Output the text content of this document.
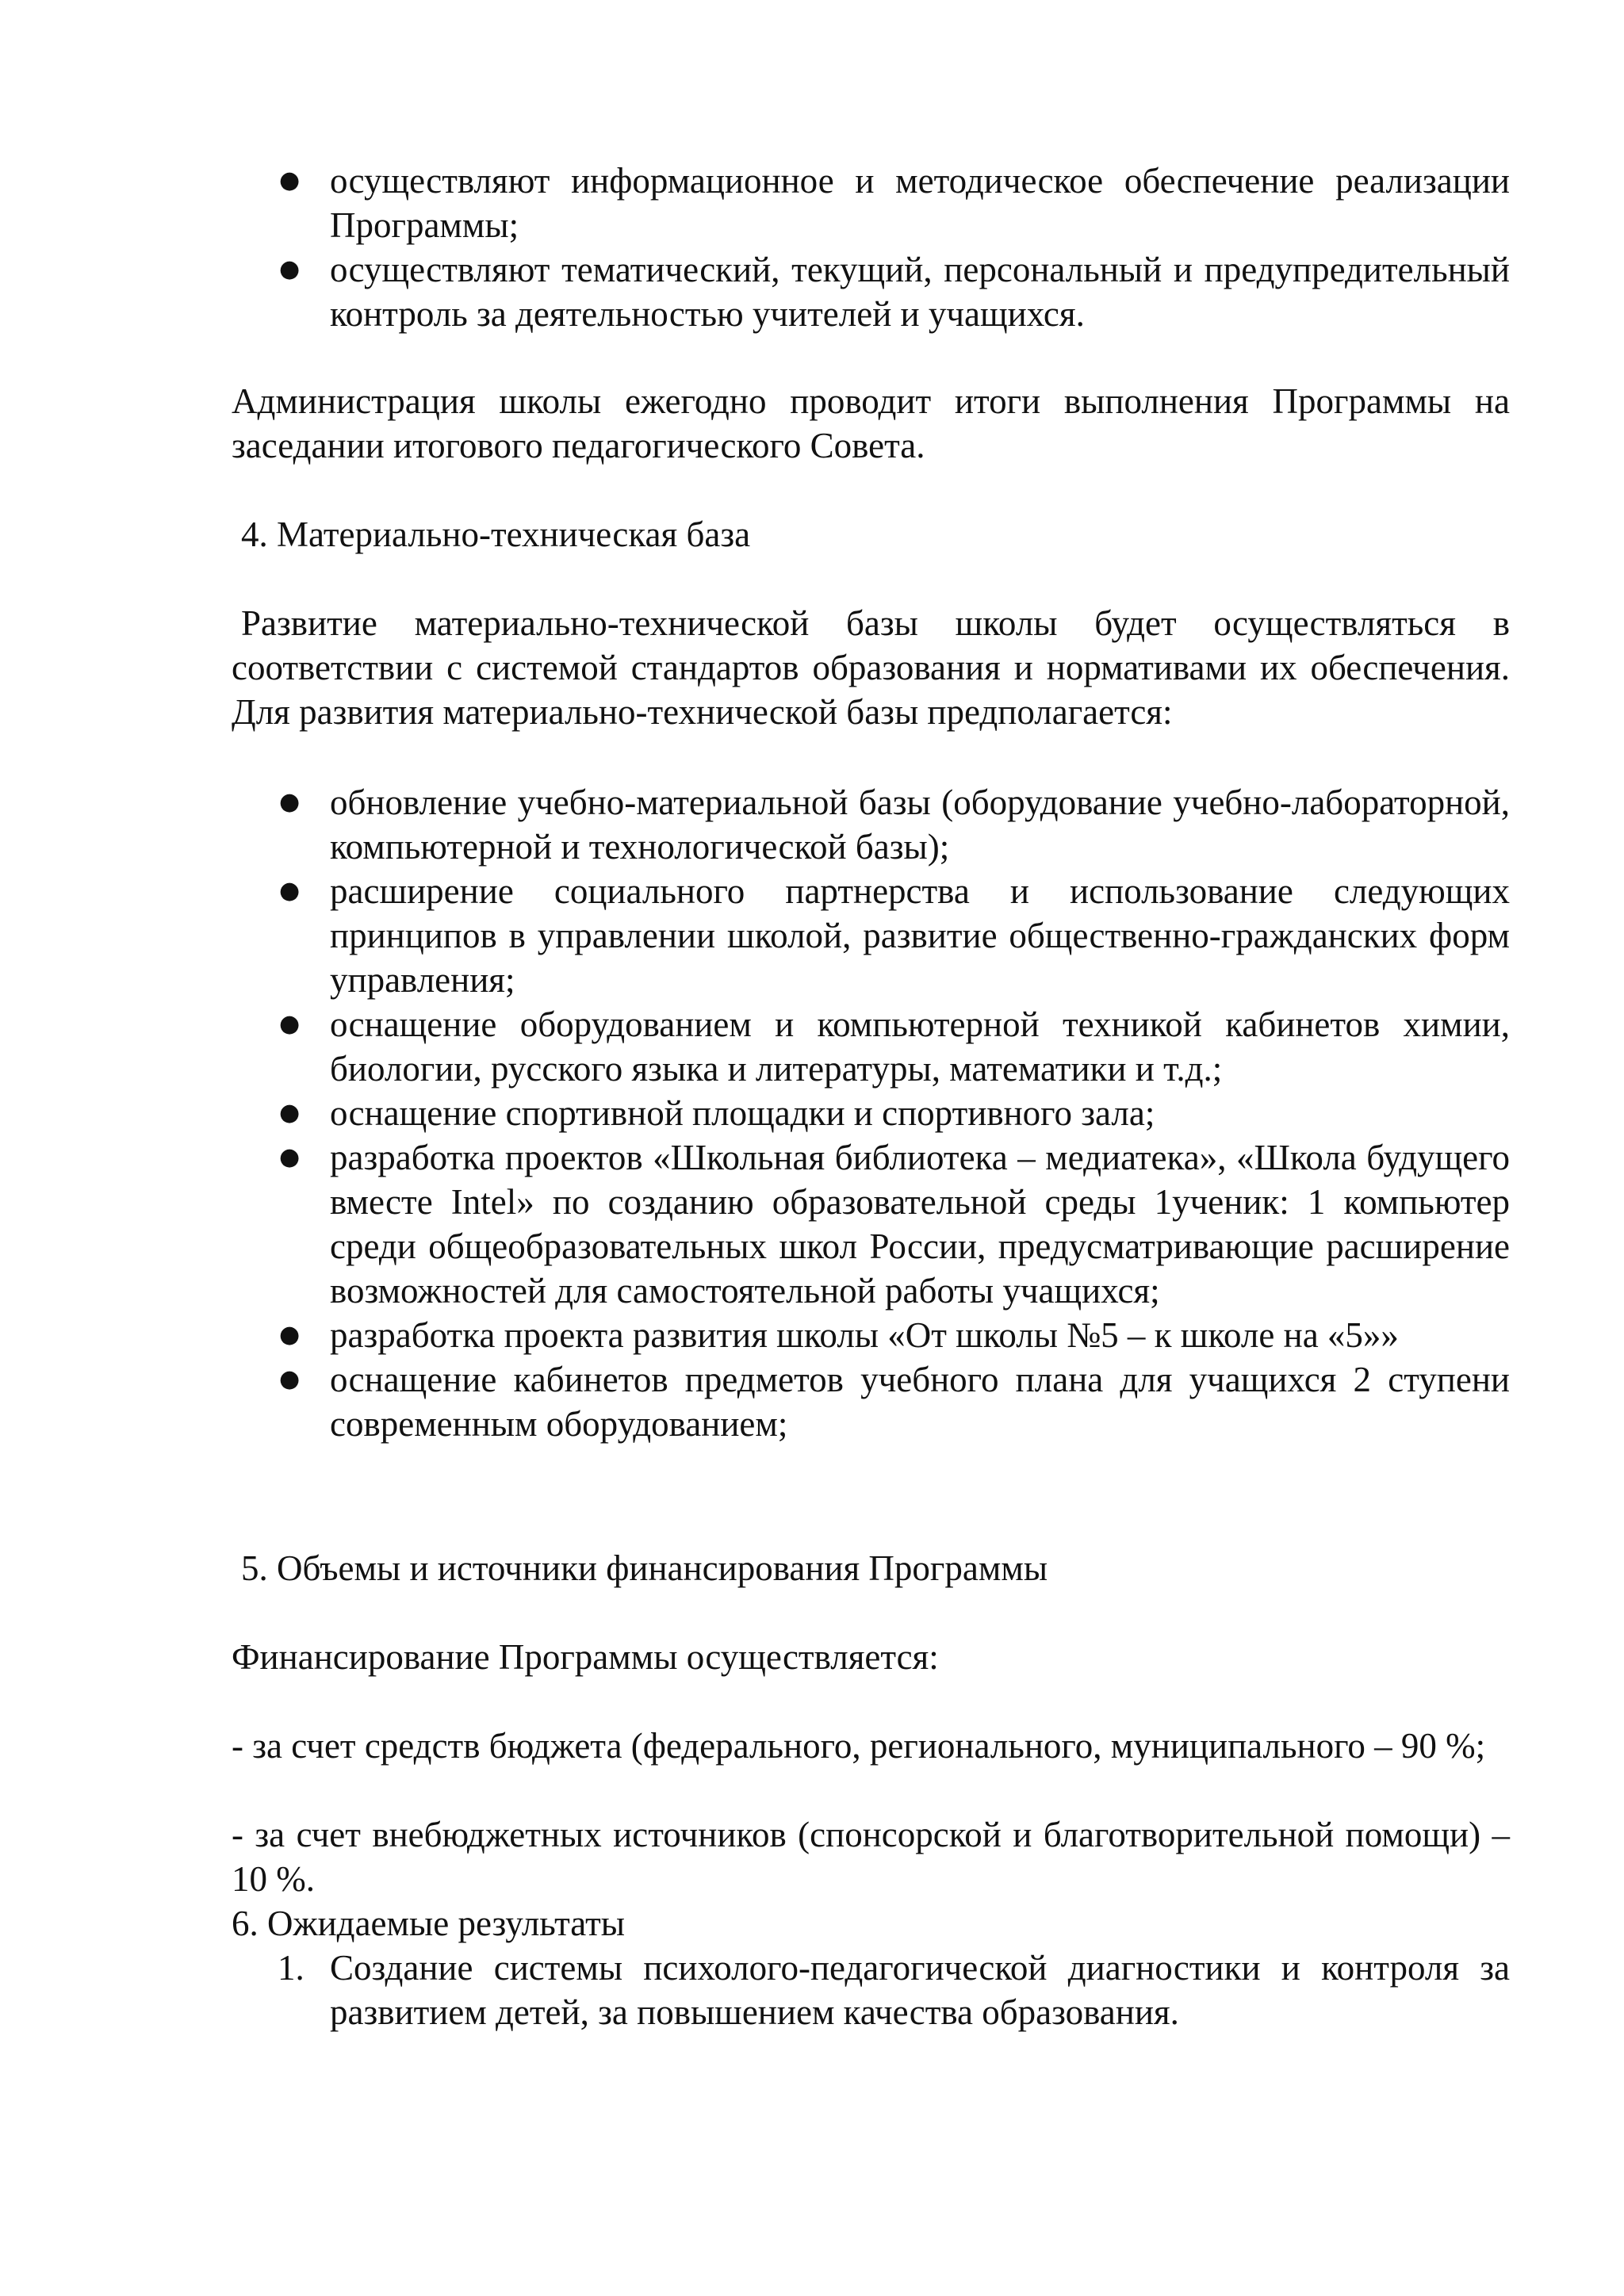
● осуществляют информационное и методическое обеспечение реализации Программы;
● осуществляют тематический, текущий, персональный и предупредительный контроль за деятельностью учителей и учащихся.

Администрация школы ежегодно проводит итоги выполнения Программы на заседании итогового педагогического Совета.

4. Материально-техническая база

Развитие материально-технической базы школы будет осуществляться в соответствии с системой стандартов образования и нормативами их обеспечения. Для развития материально-технической базы предполагается:

● обновление учебно-материальной базы (оборудование учебно-лабораторной, компьютерной и технологической базы);
● расширение социального партнерства и использование следующих принципов в управлении школой, развитие общественно-гражданских форм управления;
● оснащение оборудованием и компьютерной техникой кабинетов химии, биологии, русского языка и литературы, математики и т.д.;
● оснащение спортивной площадки и спортивного зала;
● разработка проектов «Школьная библиотека – медиатека», «Школа будущего вместе Intel» по созданию образовательной среды 1ученик: 1 компьютер среди общеобразовательных школ России, предусматривающие расширение возможностей для самостоятельной работы учащихся;
● разработка проекта развития школы «От школы №5 – к школе на «5»»
● оснащение кабинетов предметов учебного плана для учащихся 2 ступени современным оборудованием;

5. Объемы и источники финансирования Программы

Финансирование Программы осуществляется:

- за счет средств бюджета (федерального, регионального, муниципального – 90 %;

- за счет внебюджетных источников (спонсорской и благотворительной помощи) – 10 %.

6. Ожидаемые результаты

1. Создание системы психолого-педагогической диагностики и контроля за развитием детей, за повышением качества образования.
